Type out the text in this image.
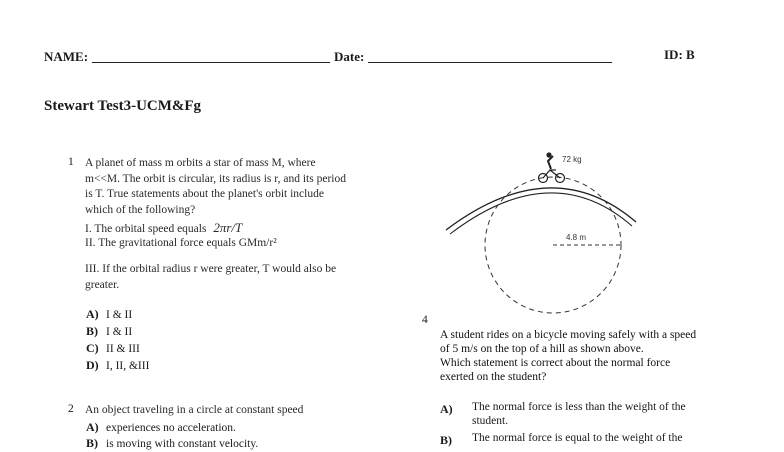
NAME:	Date:	ID: B
Stewart Test3-UCM&Fg
1 A planet of mass m orbits a star of mass M, where
m<<M. The orbit is circular, its radius is r, and its period
is T. True statements about the planet's orbit include
which of the following?
I. The orbital speed equals 2πr/T
II. The gravitational force equals GMm/r²
III. If the orbital radius r were greater, T would also be
greater.
A) I & II
B) I & II
C) II & III
D) I, II, &III
2 An object traveling in a circle at constant speed
A) experiences no acceleration.
B) is moving with constant velocity.
4.8 m
72 kg
4
A student rides on a bicycle moving safely with a speed
of 5 m/s on the top of a hill as shown above.
Which statement is correct about the normal force
exerted on the student?
A) The normal force is less than the weight of the
student.
B) The normal force is equal to the weight of the
